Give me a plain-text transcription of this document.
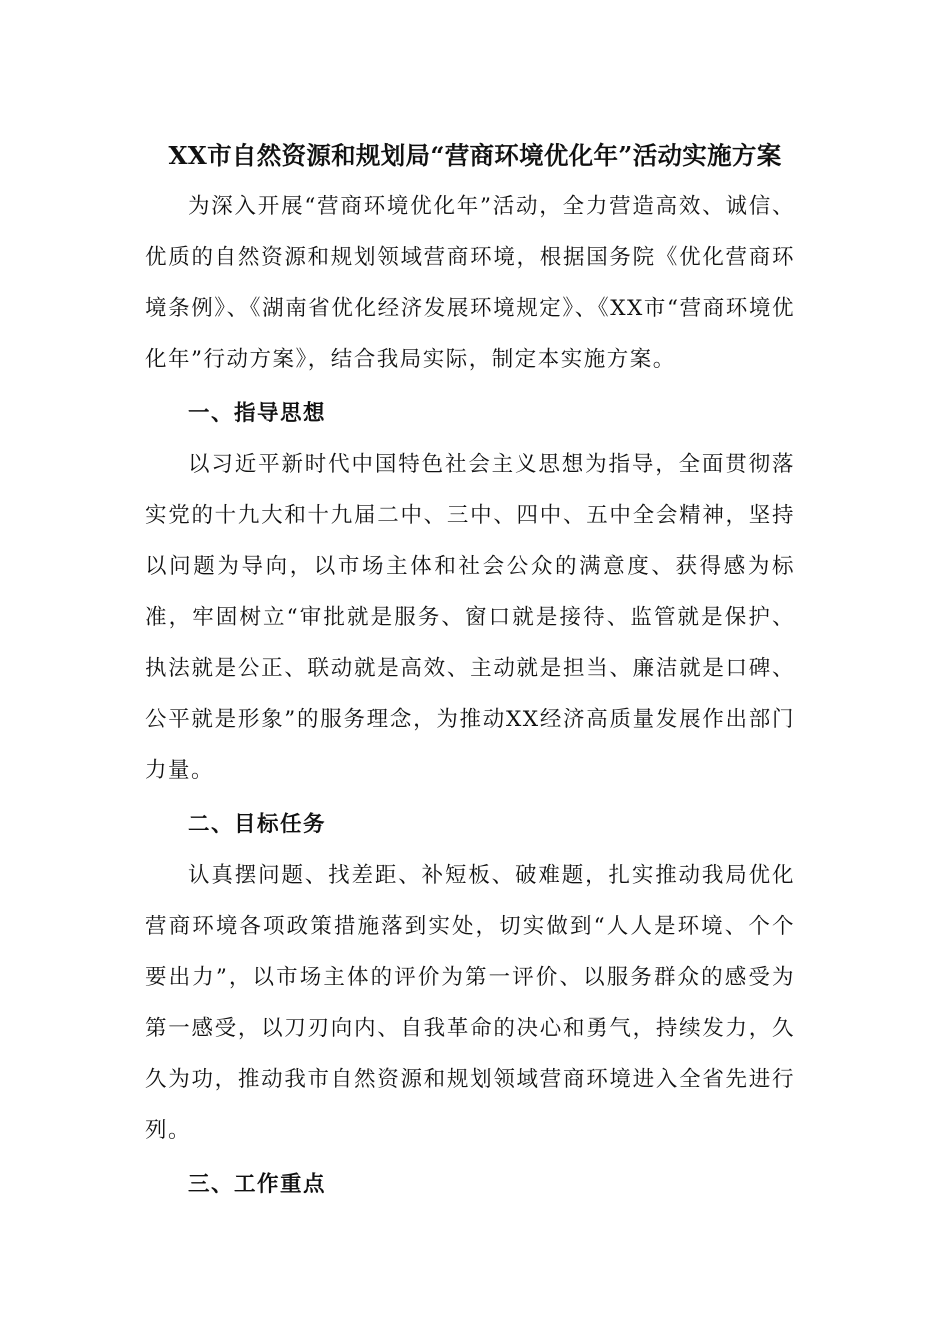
XX市自然资源和规划局“营商环境优化年”活动实施方案

为深入开展“营商环境优化年”活动，全力营造高效、诚信、优质的自然资源和规划领域营商环境，根据国务院《优化营商环境条例》、《湖南省优化经济发展环境规定》、《XX市“营商环境优化年”行动方案》，结合我局实际，制定本实施方案。

一、指导思想

以习近平新时代中国特色社会主义思想为指导，全面贯彻落实党的十九大和十九届二中、三中、四中、五中全会精神，坚持以问题为导向，以市场主体和社会公众的满意度、获得感为标准，牢固树立“审批就是服务、窗口就是接待、监管就是保护、执法就是公正、联动就是高效、主动就是担当、廉洁就是口碑、公平就是形象”的服务理念，为推动XX经济高质量发展作出部门力量。

二、目标任务

认真摆问题、找差距、补短板、破难题，扎实推动我局优化营商环境各项政策措施落到实处，切实做到“人人是环境、个个要出力”，以市场主体的评价为第一评价、以服务群众的感受为第一感受，以刀刃向内、自我革命的决心和勇气，持续发力，久久为功，推动我市自然资源和规划领域营商环境进入全省先进行列。

三、工作重点
